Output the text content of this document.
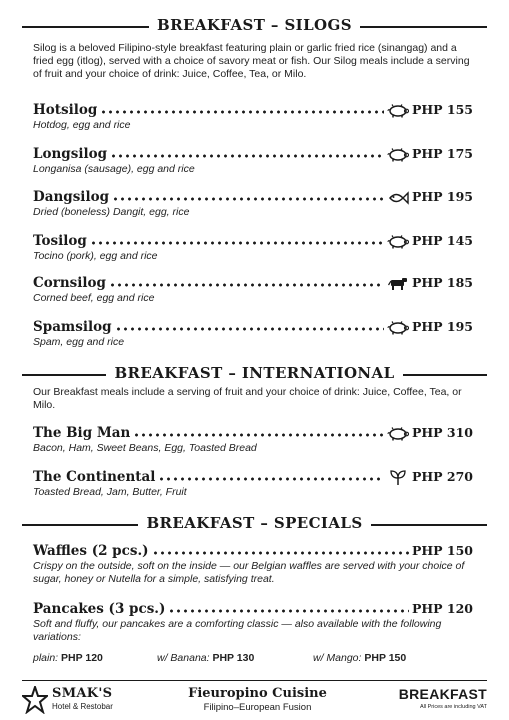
BREAKFAST – SILOGS
Silog is a beloved Filipino-style breakfast featuring plain or garlic fried rice (sinangag) and a fried egg (itlog), served with a choice of savory meat or fish. Our Silog meals include a serving of fruit and your choice of drink: Juice, Coffee, Tea, or Milo.
Hotsilog	PHP 155
Hotdog, egg and rice
Longsilog	PHP 175
Longanisa (sausage), egg and rice
Dangsilog	PHP 195
Dried (boneless) Dangit, egg, rice
Tosilog	PHP 145
Tocino (pork), egg and rice
Cornsilog	PHP 185
Corned beef, egg and rice
Spamsilog	PHP 195
Spam, egg and rice
BREAKFAST – INTERNATIONAL
Our Breakfast meals include a serving of fruit and your choice of drink: Juice, Coffee, Tea, or Milo.
The Big Man	PHP 310
Bacon, Ham, Sweet Beans, Egg, Toasted Bread
The Continental	PHP 270
Toasted Bread, Jam, Butter, Fruit
BREAKFAST – SPECIALS
Waffles (2 pcs.)	PHP 150
Crispy on the outside, soft on the inside — our Belgian waffles are served with your choice of sugar, honey or Nutella for a simple, satisfying treat.
Pancakes (3 pcs.)	PHP 120
Soft and fluffy, our pancakes are a comforting classic — also available with the following variations:
plain: PHP 120	w/ Banana: PHP 130	w/ Mango: PHP 150
SMAK'S
Hotel & Restobar
Fieuropino Cuisine
Filipino–European Fusion
BREAKFAST
All Prices are including VAT
